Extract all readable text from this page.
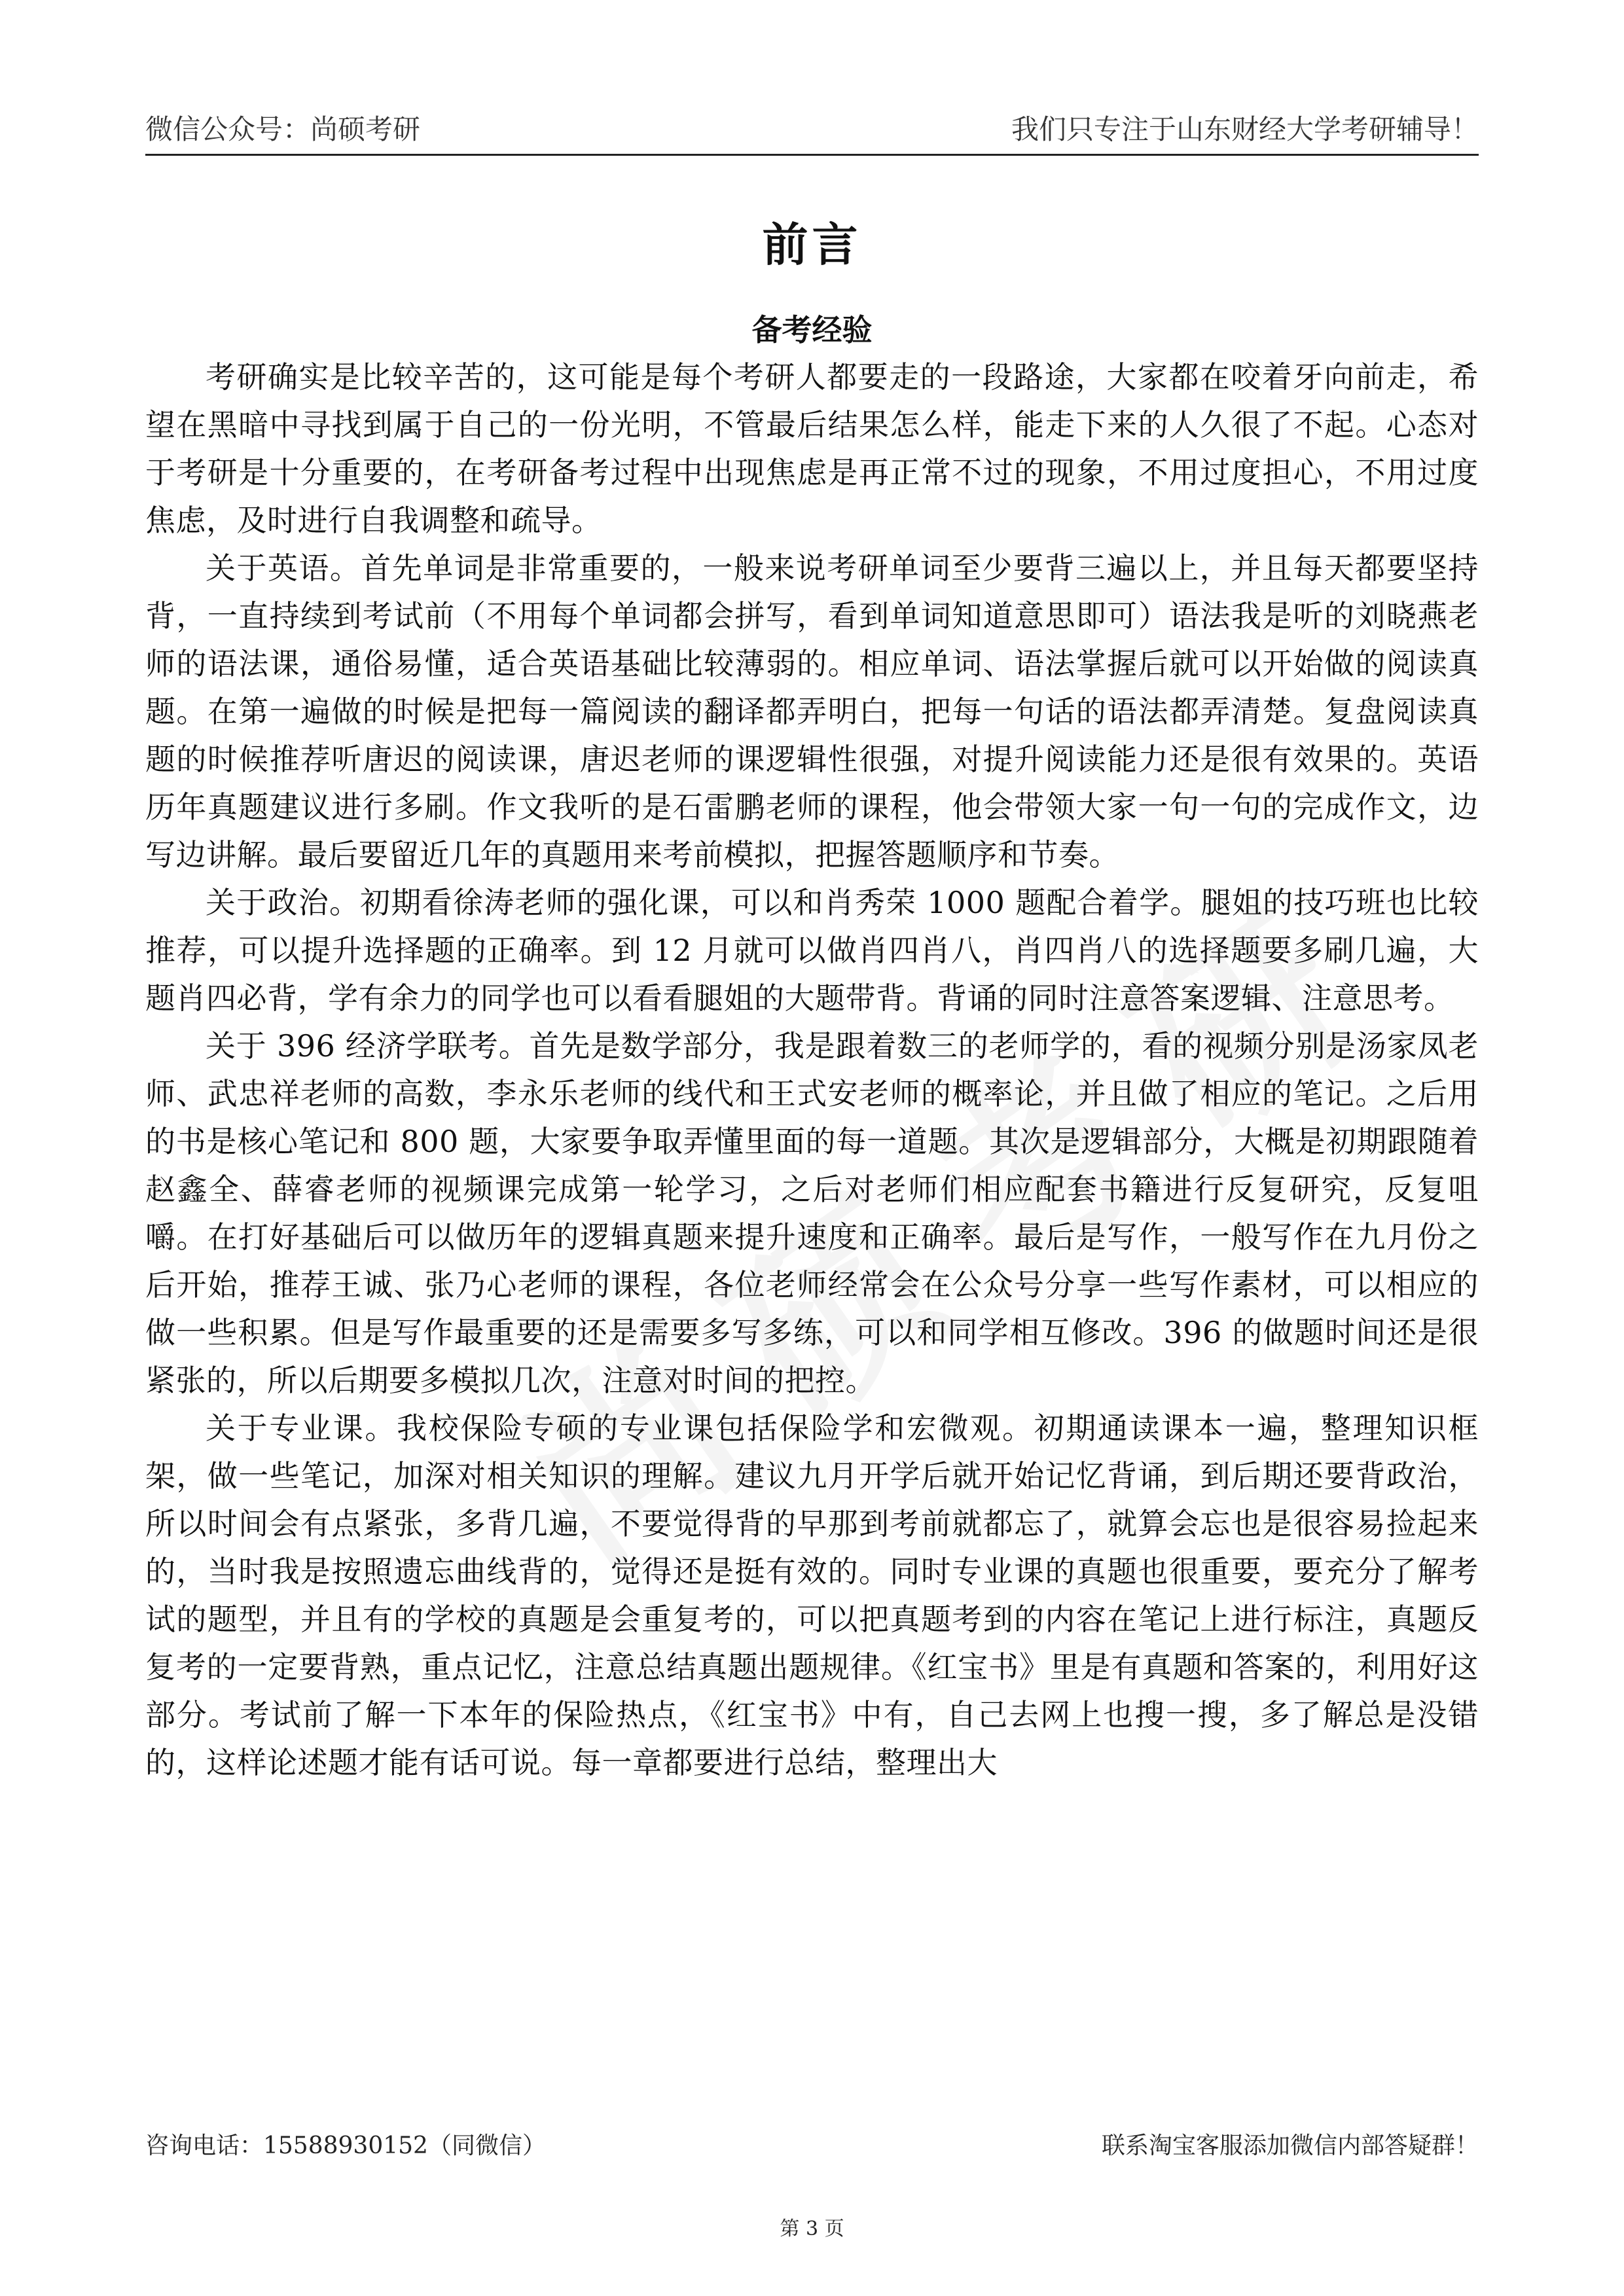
微信公众号：尚硕考研	我们只专注于山东财经大学考研辅导！
前言
备考经验

考研确实是比较辛苦的，这可能是每个考研人都要走的一段路途，大家都在咬着牙向前走，希望在黑暗中寻找到属于自己的一份光明，不管最后结果怎么样，能走下来的人久很了不起。心态对于考研是十分重要的，在考研备考过程中出现焦虑是再正常不过的现象，不用过度担心，不用过度焦虑，及时进行自我调整和疏导。

关于英语。首先单词是非常重要的，一般来说考研单词至少要背三遍以上，并且每天都要坚持背，一直持续到考试前（不用每个单词都会拼写，看到单词知道意思即可）语法我是听的刘晓燕老师的语法课，通俗易懂，适合英语基础比较薄弱的。相应单词、语法掌握后就可以开始做的阅读真题。在第一遍做的时候是把每一篇阅读的翻译都弄明白，把每一句话的语法都弄清楚。复盘阅读真题的时候推荐听唐迟的阅读课，唐迟老师的课逻辑性很强，对提升阅读能力还是很有效果的。英语历年真题建议进行多刷。作文我听的是石雷鹏老师的课程，他会带领大家一句一句的完成作文，边写边讲解。最后要留近几年的真题用来考前模拟，把握答题顺序和节奏。

关于政治。初期看徐涛老师的强化课，可以和肖秀荣 1000 题配合着学。腿姐的技巧班也比较推荐，可以提升选择题的正确率。到 12 月就可以做肖四肖八，肖四肖八的选择题要多刷几遍，大题肖四必背，学有余力的同学也可以看看腿姐的大题带背。背诵的同时注意答案逻辑、注意思考。

关于 396 经济学联考。首先是数学部分，我是跟着数三的老师学的，看的视频分别是汤家凤老师、武忠祥老师的高数，李永乐老师的线代和王式安老师的概率论，并且做了相应的笔记。之后用的书是核心笔记和 800 题，大家要争取弄懂里面的每一道题。其次是逻辑部分，大概是初期跟随着赵鑫全、薛睿老师的视频课完成第一轮学习，之后对老师们相应配套书籍进行反复研究，反复咀嚼。在打好基础后可以做历年的逻辑真题来提升速度和正确率。最后是写作，一般写作在九月份之后开始，推荐王诚、张乃心老师的课程，各位老师经常会在公众号分享一些写作素材，可以相应的做一些积累。但是写作最重要的还是需要多写多练，可以和同学相互修改。396 的做题时间还是很紧张的，所以后期要多模拟几次，注意对时间的把控。

关于专业课。我校保险专硕的专业课包括保险学和宏微观。初期通读课本一遍，整理知识框架，做一些笔记，加深对相关知识的理解。建议九月开学后就开始记忆背诵，到后期还要背政治，所以时间会有点紧张，多背几遍，不要觉得背的早那到考前就都忘了，就算会忘也是很容易捡起来的，当时我是按照遗忘曲线背的，觉得还是挺有效的。同时专业课的真题也很重要，要充分了解考试的题型，并且有的学校的真题是会重复考的，可以把真题考到的内容在笔记上进行标注，真题反复考的一定要背熟，重点记忆，注意总结真题出题规律。《红宝书》里是有真题和答案的，利用好这部分。考试前了解一下本年的保险热点，《红宝书》中有，自己去网上也搜一搜，多了解总是没错的，这样论述题才能有话可说。每一章都要进行总结，整理出大

咨询电话：15588930152（同微信）	联系淘宝客服添加微信内部答疑群！
第 3 页
